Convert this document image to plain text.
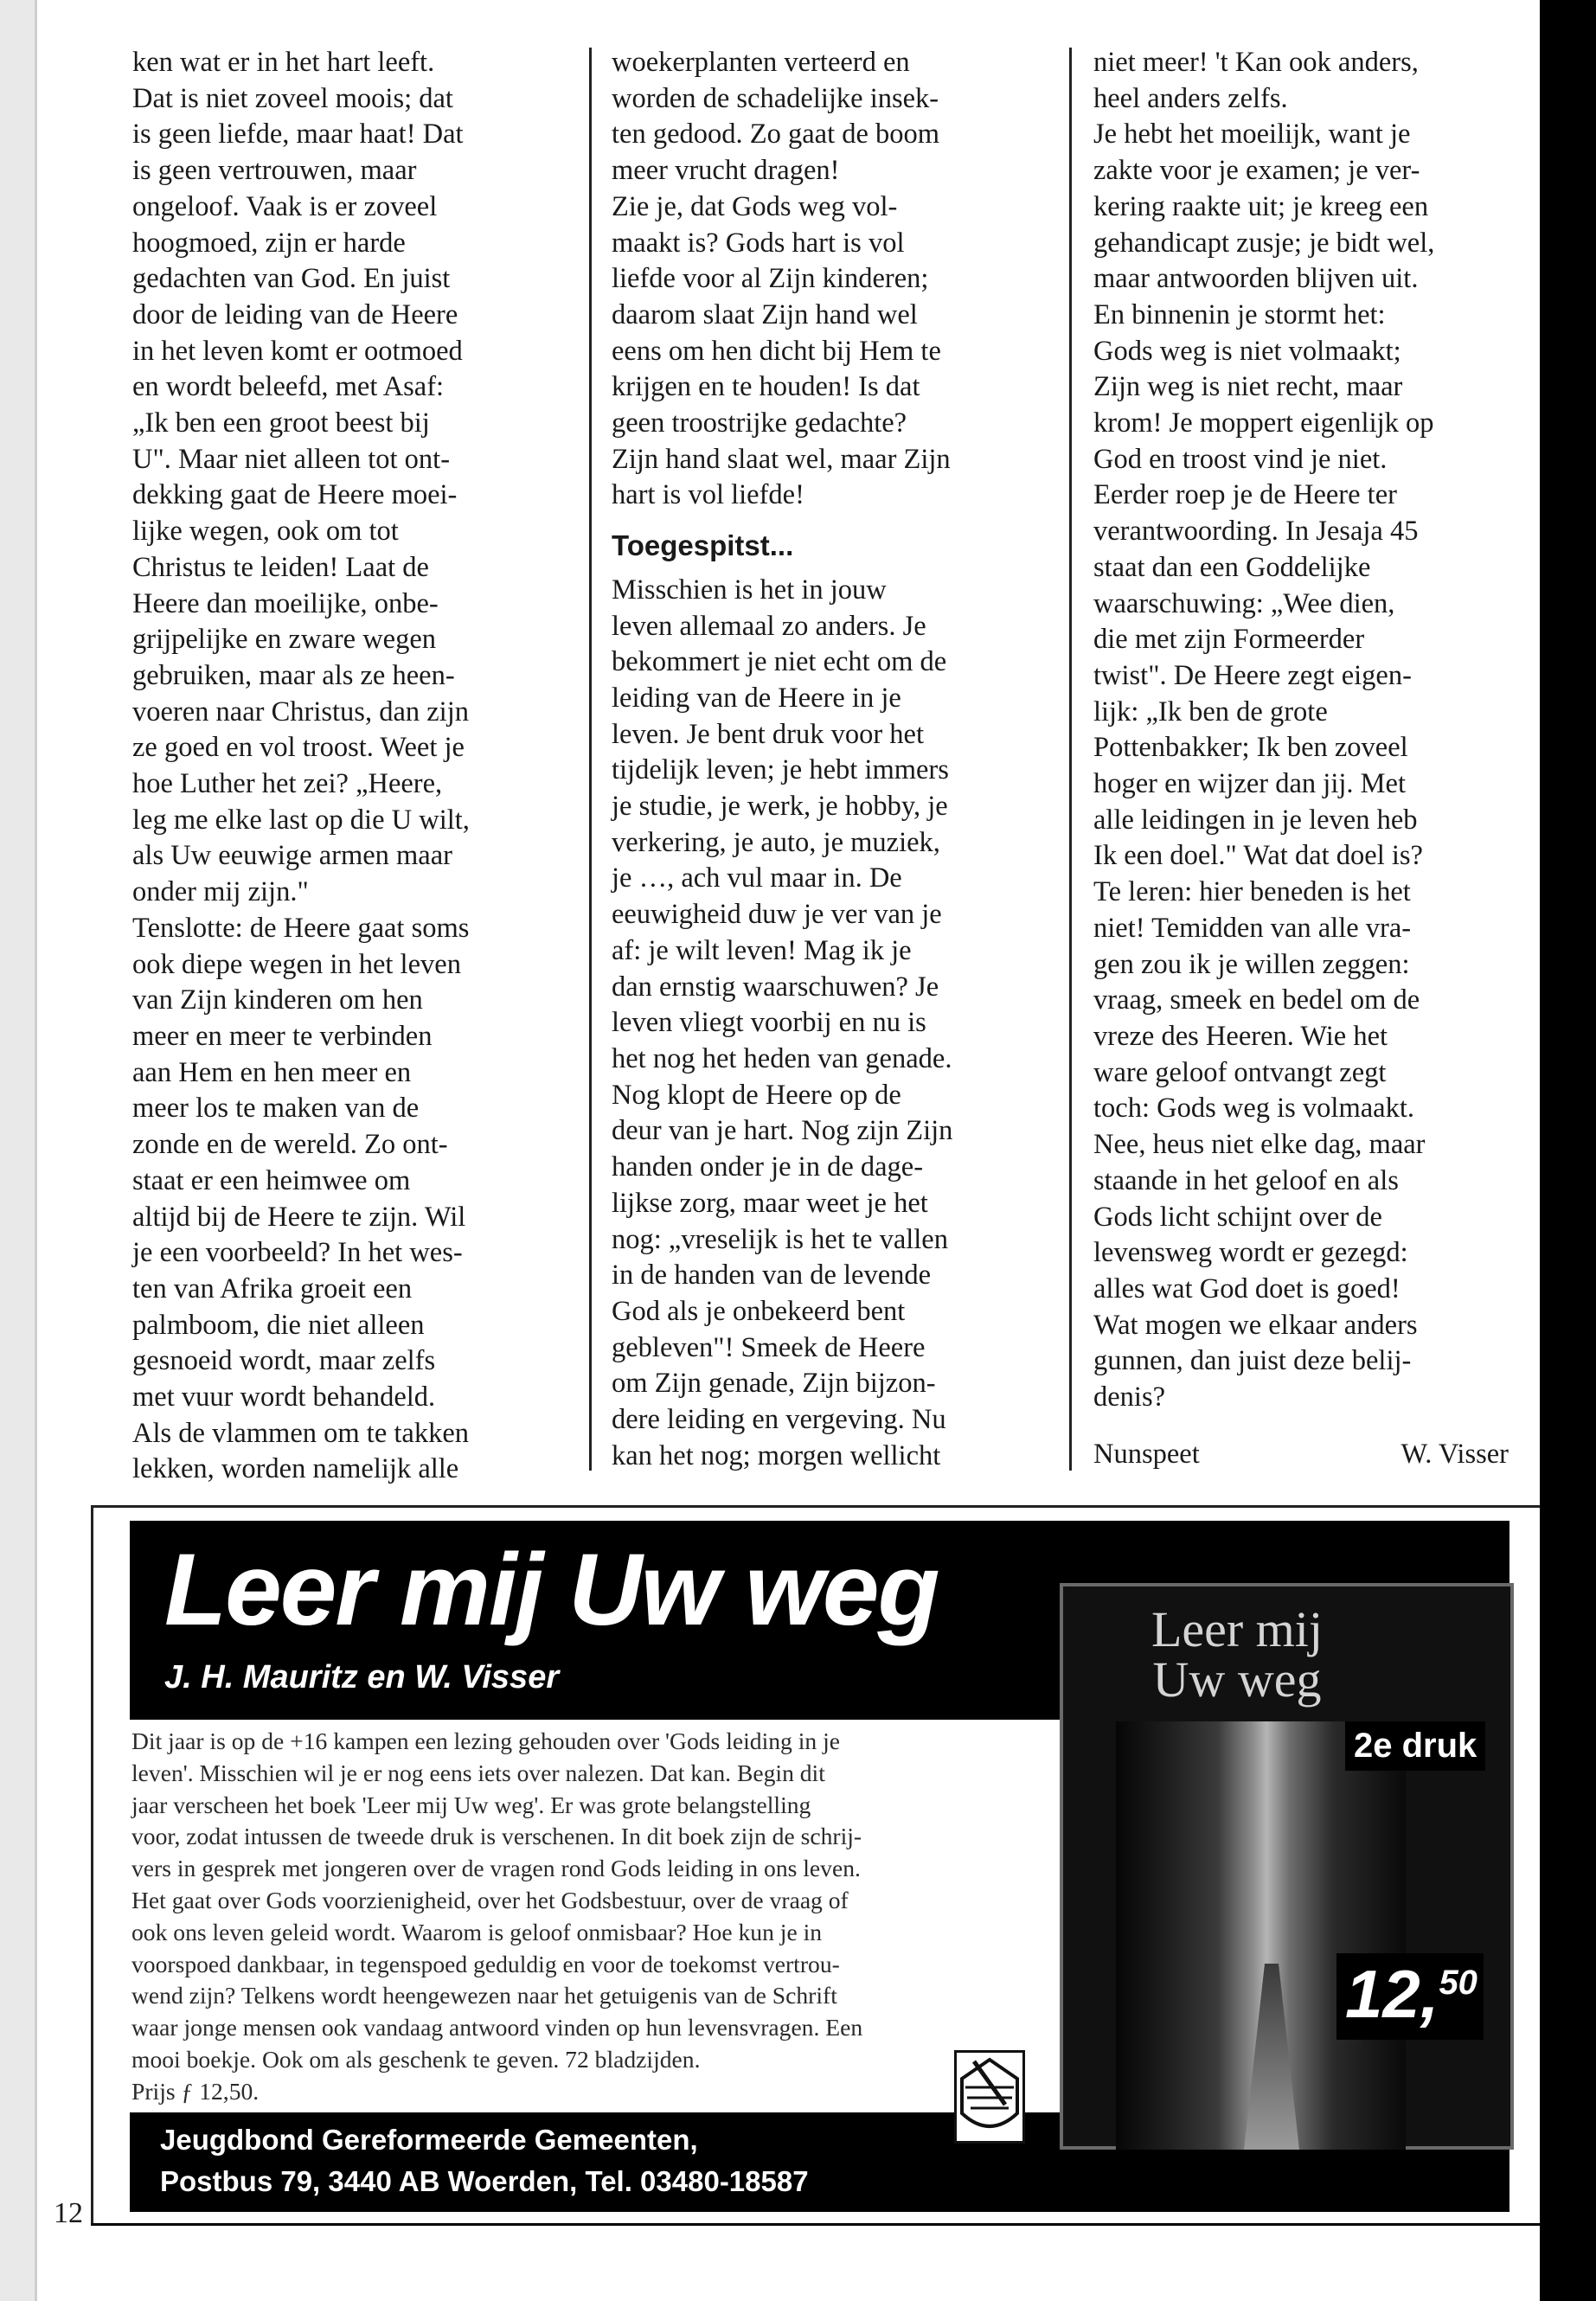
ken wat er in het hart leeft.

Dat is niet zoveel moois; dat

is geen liefde, maar haat! Dat

is geen vertrouwen, maar

ongeloof. Vaak is er zoveel

hoogmoed, zijn er harde

gedachten van God. En juist

door de leiding van de Heere

in het leven komt er ootmoed

en wordt beleefd, met Asaf:

„Ik ben een groot beest bij

U". Maar niet alleen tot ont-

dekking gaat de Heere moei-

lijke wegen, ook om tot

Christus te leiden! Laat de

Heere dan moeilijke, onbe-

grijpelijke en zware wegen

gebruiken, maar als ze heen-

voeren naar Christus, dan zijn

ze goed en vol troost. Weet je

hoe Luther het zei? „Heere,

leg me elke last op die U wilt,

als Uw eeuwige armen maar

onder mij zijn."

Tenslotte: de Heere gaat soms

ook diepe wegen in het leven

van Zijn kinderen om hen

meer en meer te verbinden

aan Hem en hen meer en

meer los te maken van de

zonde en de wereld. Zo ont-

staat er een heimwee om

altijd bij de Heere te zijn. Wil

je een voorbeeld? In het wes-

ten van Afrika groeit een

palmboom, die niet alleen

gesnoeid wordt, maar zelfs

met vuur wordt behandeld.

Als de vlammen om te takken

lekken, worden namelijk alle

woekerplanten verteerd en

worden de schadelijke insek-

ten gedood. Zo gaat de boom

meer vrucht dragen!

Zie je, dat Gods weg vol-

maakt is? Gods hart is vol

liefde voor al Zijn kinderen;

daarom slaat Zijn hand wel

eens om hen dicht bij Hem te

krijgen en te houden! Is dat

geen troostrijke gedachte?

Zijn hand slaat wel, maar Zijn

hart is vol liefde!

Toegespitst...

Misschien is het in jouw

leven allemaal zo anders. Je

bekommert je niet echt om de

leiding van de Heere in je

leven. Je bent druk voor het

tijdelijk leven; je hebt immers

je studie, je werk, je hobby, je

verkering, je auto, je muziek,

je …, ach vul maar in. De

eeuwigheid duw je ver van je

af: je wilt leven! Mag ik je

dan ernstig waarschuwen? Je

leven vliegt voorbij en nu is

het nog het heden van genade.

Nog klopt de Heere op de

deur van je hart. Nog zijn Zijn

handen onder je in de dage-

lijkse zorg, maar weet je het

nog: „vreselijk is het te vallen

in de handen van de levende

God als je onbekeerd bent

gebleven"! Smeek de Heere

om Zijn genade, Zijn bijzon-

dere leiding en vergeving. Nu

kan het nog; morgen wellicht

niet meer! 't Kan ook anders,

heel anders zelfs.

Je hebt het moeilijk, want je

zakte voor je examen; je ver-

kering raakte uit; je kreeg een

gehandicapt zusje; je bidt wel,

maar antwoorden blijven uit.

En binnenin je stormt het:

Gods weg is niet volmaakt;

Zijn weg is niet recht, maar

krom! Je moppert eigenlijk op

God en troost vind je niet.

Eerder roep je de Heere ter

verantwoording. In Jesaja 45

staat dan een Goddelijke

waarschuwing: „Wee dien,

die met zijn Formeerder

twist". De Heere zegt eigen-

lijk: „Ik ben de grote

Pottenbakker; Ik ben zoveel

hoger en wijzer dan jij. Met

alle leidingen in je leven heb

Ik een doel." Wat dat doel is?

Te leren: hier beneden is het

niet! Temidden van alle vra-

gen zou ik je willen zeggen:

vraag, smeek en bedel om de

vreze des Heeren. Wie het

ware geloof ontvangt zegt

toch: Gods weg is volmaakt.

Nee, heus niet elke dag, maar

staande in het geloof en als

Gods licht schijnt over de

levensweg wordt er gezegd:

alles wat God doet is goed!

Wat mogen we elkaar anders

gunnen, dan juist deze belij-

denis?

Nunspeet	W. Visser

Leer mij Uw weg
J. H. Mauritz en W. Visser

Dit jaar is op de +16 kampen een lezing gehouden over 'Gods leiding in je

leven'. Misschien wil je er nog eens iets over nalezen. Dat kan. Begin dit

jaar verscheen het boek 'Leer mij Uw weg'. Er was grote belangstelling

voor, zodat intussen de tweede druk is verschenen. In dit boek zijn de schrij-

vers in gesprek met jongeren over de vragen rond Gods leiding in ons leven.

Het gaat over Gods voorzienigheid, over het Godsbestuur, over de vraag of

ook ons leven geleid wordt. Waarom is geloof onmisbaar? Hoe kun je in

voorspoed dankbaar, in tegenspoed geduldig en voor de toekomst vertrou-

wend zijn? Telkens wordt heengewezen naar het getuigenis van de Schrift

waar jonge mensen ook vandaag antwoord vinden op hun levensvragen. Een

mooi boekje. Ook om als geschenk te geven. 72 bladzijden.

Prijs ƒ 12,50.

Jeugdbond Gereformeerde Gemeenten,

Postbus 79, 3440 AB Woerden, Tel. 03480-18587

Leer mij

Uw weg

2e druk
12,50
12
